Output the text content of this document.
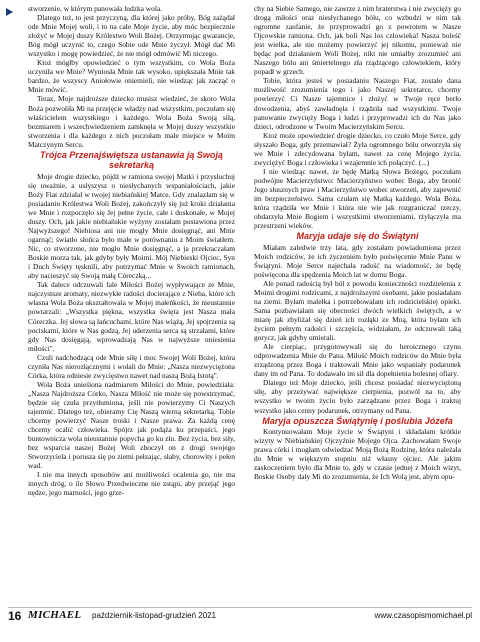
stworzenie, w którym panowała ludzka wola.

Dlatego też, to jest przyczyną, dla której jako próby, Bóg zażądał ode Mnie Mojej woli, i to na całe Moje życie, aby móc bezpiecznie złożyć w Mojej duszy Królestwo Woli Bożej. Otrzymując gwarancje, Bóg mógł uczynić to, czego Sobie ode Mnie życzył. Mógł dać Mi wszystko i mogę powiedzieć, że nie mógł odmówić Mi niczego.

Ktoż mógłby opowiedzieć o tym wszystkim, co Wola Boża uczyniła we Mnie? Wyniosła Mnie tak wysoko, upiększała Mnie tak bardzo, że wszyscy Aniołowie oniemieli, nie wiedząc jak zacząć o Mnie mówić.

Teraz, Moje najdroższe dziecko musisz wiedzieć, że skoro Wola Boża pozwoliła Mi na przejęcie władzy nad wszystkim, poczułam się właścicielem wszystkiego i każdego. Wola Boża Swoją siłą, bezmiarem i wszechwiedzeniem zamknęła w Mojej duszy wszystkie stworzenia i dla każdego z nich poczułam małe miejsce w Moim Matczynym Sercu.

Trójca Przenajświętsza ustanawia ją Swoją sekretarką

Moje drogie dziecko, pójdź w ramiona swojej Matki i przysłuchuj się uważnie, a usłyszysz o niesłychanych wspaniałościach, jakie Boży Fiat zdziałał w twojej niebiańskiej Matce. Gdy znalazłam się w posiadaniu Królestwa Woli Bożej, zakończyły się już kroki działania we Mnie i rozpoczęło się Jej pełne życie, całe i doskonałe, w Mojej duszy. Och, jak jakie niebiańskie wyżyny zostałam postawiona przez Najwyższego! Niebiosa ani nie mogły Mnie dosięgnąć, ani Mnie ogarnąć; światło słońca było małe w porównaniu z Moim światłem. Nic, co stworzone, nie mogło Mnie dosięgnąć, a ja przekraczałam Boskie morza tak, jak gdyby były Moimi. Mój Niebieski Ojciec, Syn i Duch Święty tęsknili, aby potrzymać Mnie w Swoich ramionach, aby nacieszyć się Swoją małą Córeczką...

Tak dalece odczuwali fale Miłości Bożej wypływające ze Mnie, najczystsze aromaty, niezwykłe radości docierające z Nieba, które ich własna Wola Boża ukształtowała w Mojej małeńkości, że nieustannie powtarzali: „Wszystka piękna, wszystka święta jest Nasza mała Córeczka. Jej słowa są łańcuchami, które Nas wiążą, Jej spojrzenia są pociskami, które w Nas godzą, Jej uderzenia serca są strzałami, które gdy Nas dosięgają, wprowadzają Nas w najwyższe uniesienia miłości".

Czuli nadchodzącą ode Mnie siłę i moc Swojej Woli Bożej, która czyniła Nas nierozłącznymi i wołali do Mnie: „Nasza niezwyciężona Córka, która odniesie zwycięstwo nawet nad naszą Bożą Istotą".

Wola Boża unieśiona nadmiarem Miłości do Mnie, powiedziała: „Nasza Najdroższa Córko, Nasza Miłość nie może się powstrzymać, będzie się czuła przytłumiona, jeśli nie powierzymy Ci Naszych tajemnic. Dlatego też, obieramy Cię Naszą wierną sekretarką. Tobie chcemy powierzyć Nasze troski i Nasze prawa. Za każdą cenę chcemy ocalić człowieka. Spójrz jak podąża ku przepaści, jego buntownicza wola nieustannie popycha go ku złu. Bez życia, bez siły, bez wsparcia naszej Bożej Woli zboczył on z drogi swojego Stworzyciela i porusza się po ziemi pełzając, słaby, chorowity i pełen wad.

I nie ma innych sposobów ani możliwości ocalenia go, nie ma innych dróg, o ile Słowo Przedwieczne nie zstąpi, aby przejąć jego nędze, jego marności, jego grze-

chy na Siebie Samego, nie zawrze z nim braterstwa i nie zwycięży go drogą miłości oraz niesłychanego bólu, co wzbudzi w nim tak ogromne zaufanie, że przyprowadzi go z powrotem w Nasze Ojcowskie ramiona. Och, jak boli Nas los człowieka! Nasza boleść jest wielka, ale nie możemy powierzyć jej nikomu, ponieważ nie będąc pod działaniem Woli Bożej, nikt nie umiałby zrozumieć ani Naszego bólu ani śmiertelnego zła rządzącego człowiekiem, który popadł w grzech.

Tobie, która jesteś w posiadaniu Naszego Fiat, zostało dana możliwość zrozumienia tego i jako Naszej sekretarce, chcemy powierzyć Ci Nasze tajemnice i złożyć w Twoje ręce berło dowodzenia, abyś zawładnęła i rządziła nad wszystkimi. Twoje panowanie zwycięży Boga i ludzi i przyprowadzi ich do Nas jako dzieci, odrodzone w Twoim Macierzyńskim Sercu.

Ktoż może opowiedzieć drogie dziecko, co czuło Moje Serce, gdy słyszało Boga, gdy przemawiał? Żyła ogromnego bólu otworzyła się we Mnie i zdecydowana byłam, nawet za cenę Mojego życia, zwyciężyć Boga i człowieka i wzajemnie ich połączyć. (...)

I nie wiedząc nawet, że będę Matką Słowa Bożego, poczułam podwójne Macierzyństwo: Macierzyństwo wobec Boga, aby bronić Jego słusznych praw i Macierzyństwo wobec stworzeń, aby zapewnić im bezpieczeństwo. Sama czułam się Matką każdego. Wola Boża, która rządziła we Mnie i która nie wie jak rozgraniczać rzeczy, obdarzyła Mnie Bogiem i wszystkimi stworzeniami, rżyłączyła ma przestrzeni wieków.

Maryja udaje się do Świątyni

Miałam zaledwie trzy lata, gdy zostałam powiadomiona przez Moich rodziców, że ich życzeniem było poświęcenie Mnie Panu w Świątyni. Moje Serce najechała radość na wiadomość, że będę poświęcona dla spędzenia Moich lat w domu Boga.

Ale ponad radością był ból z powodu konieczności rozdzielenia z Moimi drogimi rodzicami, z najdroższymi osobami, jakie posiadałam na ziemi. Byłam malełka i potrzebowałam ich rodzicielskiej opieki. Sama pozbawiałam się obecności dwóch wielkich świętych, a w miarę jak zbyliżał się dzień ich rozłąki ze Mną, która byłam ich życiem pełnym radości i szczęścia, widziałam, że odczuwali taką gorycz, jak gdyby umierali.

Ale cierpiąc, przygotowywali się do heroicznego czynu odprowadzenia Mnie do Pana. Miłość Moich rodziców do Mnie była zrządzoną przez Boga i traktowali Mnie jako wspaniały podarunek dany im od Pana. To dodawało im sił dla dopełnienia bolesnej ofiary.

Dlatego też Moje dziecko, jeśli chcesz posiadać niezwyciężoną siłę, aby przeżywać największe cierpienia, pozwól na to, aby wszystko w twoim życiu było zarządzane przez Boga i traktuj wszystko jako cenny podarunek, otrzymany od Pana.

Maryja opuszcza Świątynię i poślubia Józefa

Kontynuowałam Moje życie w Świątyni i składałam krótkie wizyty w Niebiańskiej Ojczyźnie Mojego Ojca. Zachowałam Swoje prawa córki i mogłam odwiedzać Moją Bożą Rodzinę, która należała do Mnie w większym stopniu niż własny ojciec. Ale jakim zaskoczeniem było dla Mnie to, gdy w czasie jednej z Moich wizyt, Boskie Osoby dały Mi do zrozumienia, że Ich Wolą jest, abym opu-

16 MICHAEL październik-listopad-grudzień 2021	www.czasopismomichael.pl
